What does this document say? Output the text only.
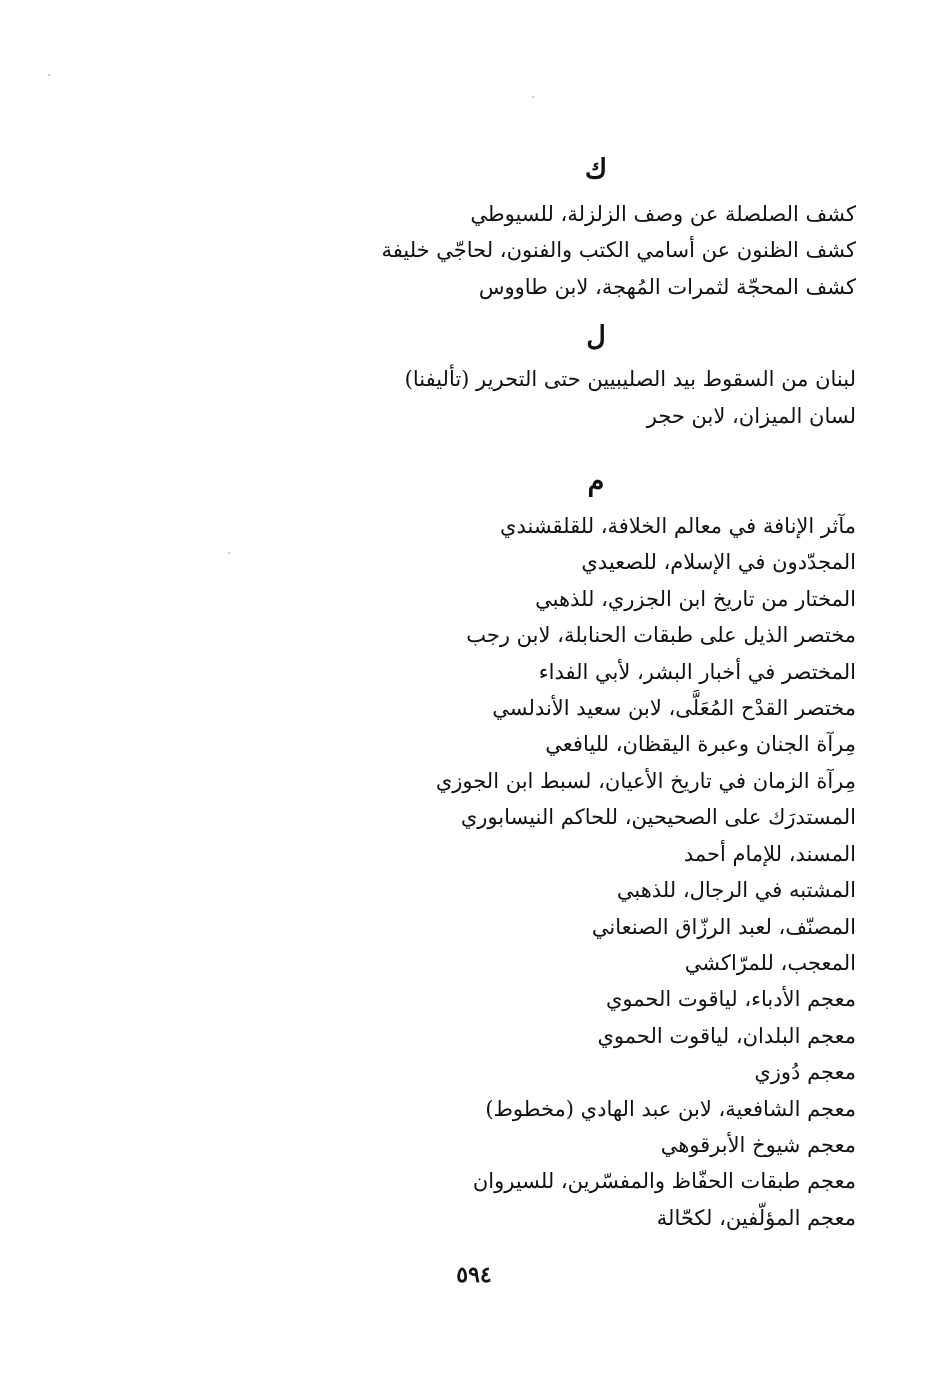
ك
كشف الصلصلة عن وصف الزلزلة، للسيوطي
كشف الظنون عن أسامي الكتب والفنون، لحاجّي خليفة
كشف المحجّة لثمرات المُهجة، لابن طاووس
ل
لبنان من السقوط بيد الصليبيين حتى التحرير (تأليفنا)
لسان الميزان، لابن حجر
م
مآثر الإنافة في معالم الخلافة، للقلقشندي
المجدّدون في الإسلام، للصعيدي
المختار من تاريخ ابن الجزري، للذهبي
مختصر الذيل على طبقات الحنابلة، لابن رجب
المختصر في أخبار البشر، لأبي الفداء
مختصر القدْح المُعَلَّى، لابن سعيد الأندلسي
مِرآة الجنان وعبرة اليقظان، لليافعي
مِرآة الزمان في تاريخ الأعيان، لسبط ابن الجوزي
المستدرَك على الصحيحين، للحاكم النيسابوري
المسند، للإمام أحمد
المشتبه في الرجال، للذهبي
المصنّف، لعبد الرزّاق الصنعاني
المعجب، للمرّاكشي
معجم الأدباء، لياقوت الحموي
معجم البلدان، لياقوت الحموي
معجم دُوزي
معجم الشافعية، لابن عبد الهادي (مخطوط)
معجم شيوخ الأبرقوهي
معجم طبقات الحفّاظ والمفسّرين، للسيروان
معجم المؤلّفين، لكحّالة
٥٩٤
